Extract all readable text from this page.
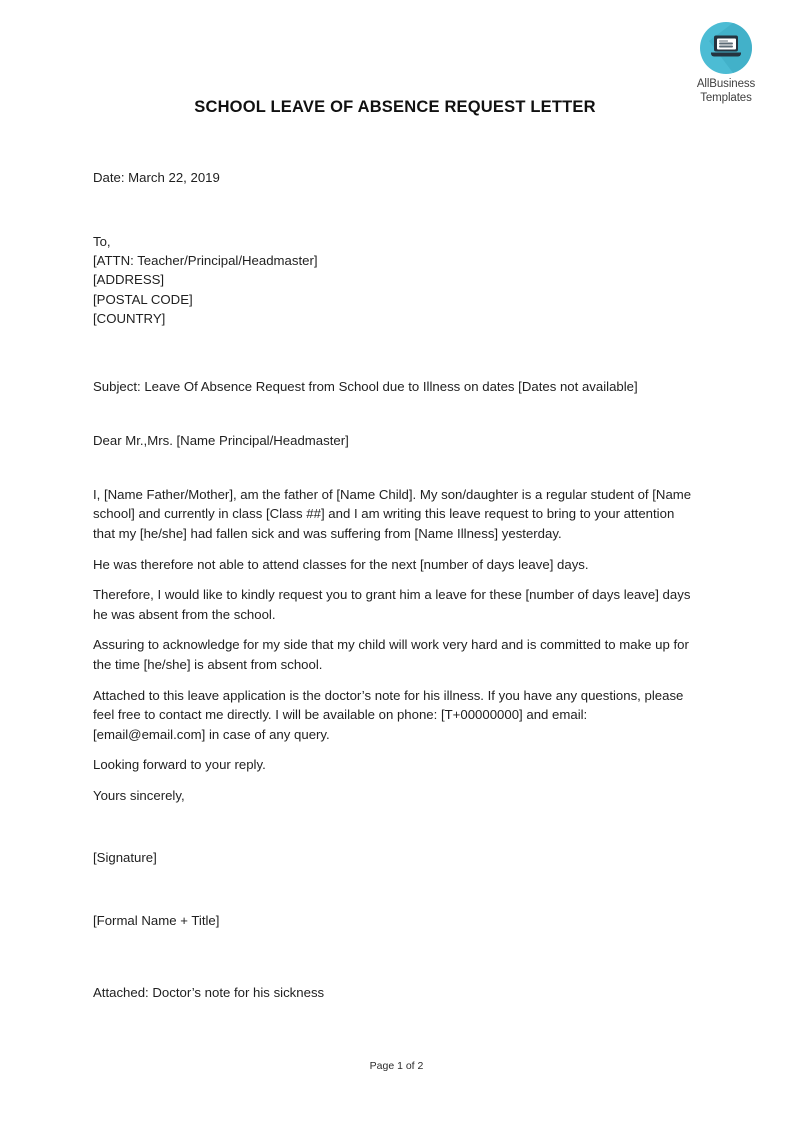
AllBusiness
Templates
SCHOOL LEAVE OF ABSENCE REQUEST LETTER
Date: March 22, 2019
To,
[ATTN: Teacher/Principal/Headmaster]
[ADDRESS]
[POSTAL CODE]
[COUNTRY]
Subject: Leave Of Absence Request from School due to Illness on dates [Dates not available]
Dear Mr.,Mrs. [Name Principal/Headmaster]

I, [Name Father/Mother], am the father of [Name Child]. My son/daughter is a regular student of [Name school] and currently in class [Class ##] and I am writing this leave request to bring to your attention that my [he/she] had fallen sick and was suffering from [Name Illness] yesterday.

He was therefore not able to attend classes for the next [number of days leave] days.

Therefore, I would like to kindly request you to grant him a leave for these [number of days leave] days he was absent from the school.

Assuring to acknowledge for my side that my child will work very hard and is committed to make up for the time [he/she] is absent from school.

Attached to this leave application is the doctor’s note for his illness. If you have any questions, please feel free to contact me directly. I will be available on phone: [T+00000000] and email: [email@email.com] in case of any query.

Looking forward to your reply.

Yours sincerely,

[Signature]
[Formal Name + Title]
Attached: Doctor’s note for his sickness
Page 1 of 2
